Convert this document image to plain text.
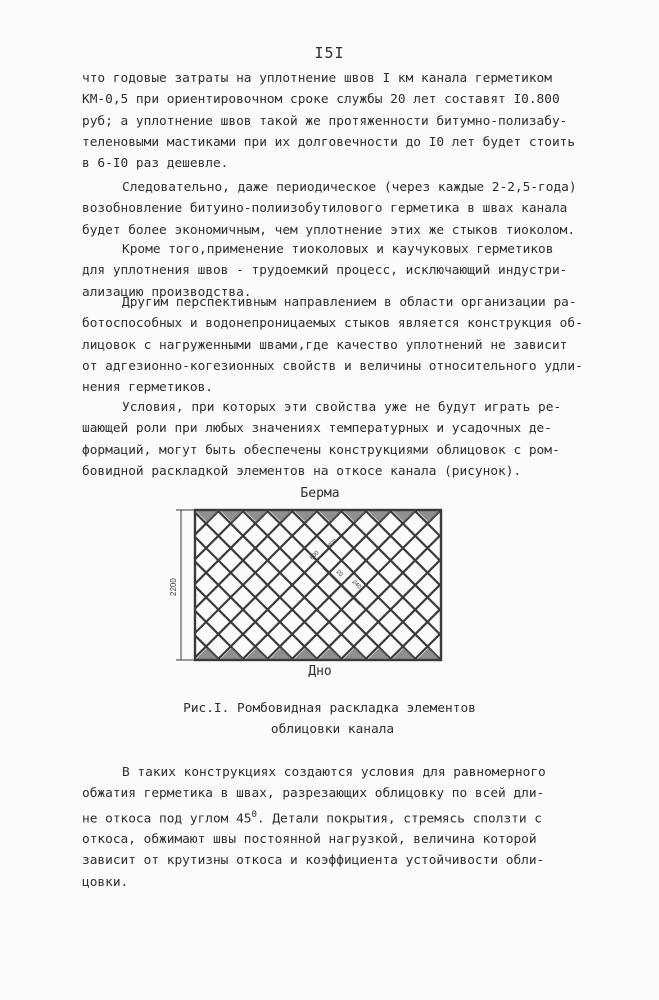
I5I
что годовые затраты на уплотнение швов I км канала герметиком
КМ-0,5 при ориентировочном сроке службы 20 лет составят I0.800
руб; а уплотнение швов такой же протяженности битумно-полизабу-
теленовыми мастиками при их долговечности до I0 лет будет стоить
в 6-I0 раз дешевле.
Следовательно, даже периодическое (через каждые 2-2,5-года)
возобновление битуино-полиизобутилового герметика в швах канала
будет более экономичным, чем уплотнение этих же стыков тиоколом.
Кроме того,применение тиоколовых и каучуковых герметиков
для уплотнения швов - трудоемкий процесс, исключающий индустри-
ализацию производства.
Другим перспективным направлением в области организации ра-
ботоспособных и водонепроницаемых стыков является конструкция об-
лицовок с нагруженными швами,где качество уплотнений не зависит
от адгезионно-когезионных свойств и величины относительного удли-
нения герметиков.
Условия, при которых эти свойства уже не будут играть ре-
шающей роли при любых значениях температурных и усадочных де-
формаций, могут быть обеспечены конструкциями облицовок с ром-
бовидной раскладкой элементов на откосе канала (рисунок).
Берма
Дно
2200
800
800
20
240
Рис.I. Ромбовидная раскладка элементов
облицовки канала
В таких конструкциях создаются условия для равномерного
обжатия герметика в швах, разрезающих облицовку по всей дли-
не откоса под углом $45^0$. Детали покрытия, стремясь сползти с
откоса, обжимают швы постоянной нагрузкой, величина которой
зависит от крутизны откоса и коэффициента устойчивости обли-
цовки.
